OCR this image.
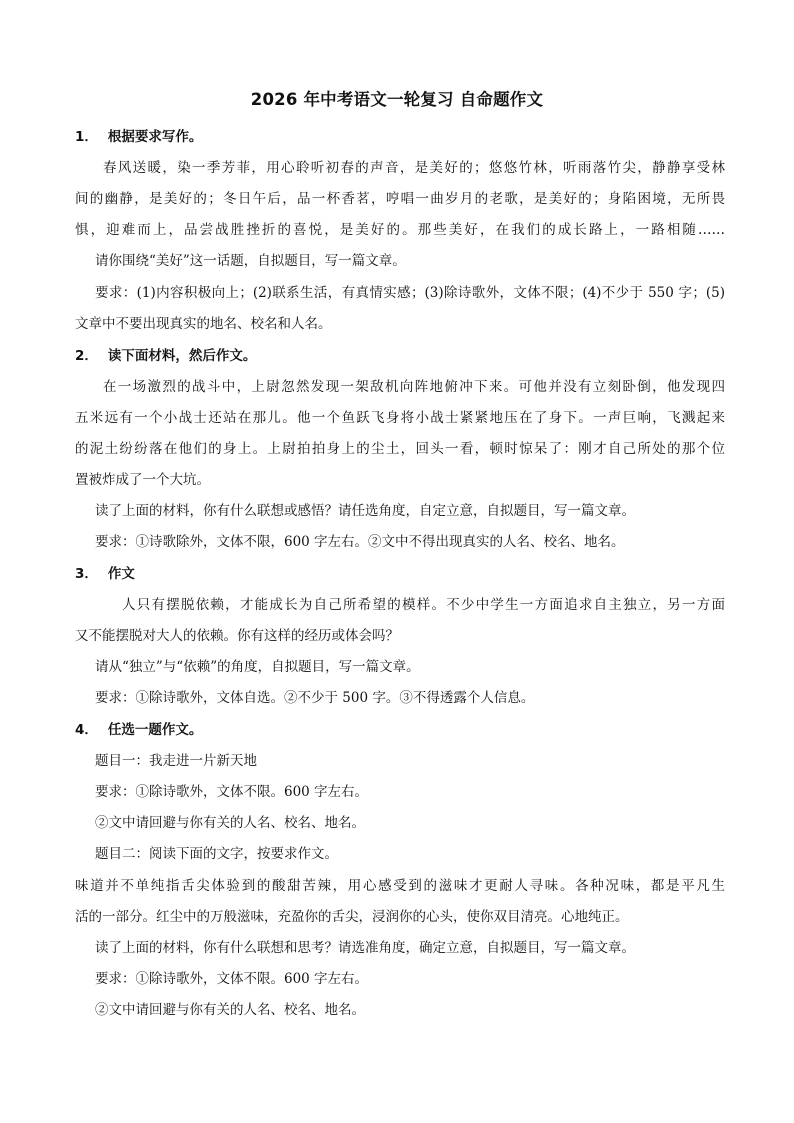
2026 年中考语文一轮复习 自命题作文
1． 根据要求写作。
春风送暖，染一季芳菲，用心聆听初春的声音，是美好的；悠悠竹林，听雨落竹尖，静静享受林
间的幽静，是美好的；冬日午后，品一杯香茗，哼唱一曲岁月的老歌，是美好的；身陷困境，无所畏
惧，迎难而上，品尝战胜挫折的喜悦，是美好的。那些美好，在我们的成长路上，一路相随……
请你围绕“美好”这一话题，自拟题目，写一篇文章。
要求：(1)内容积极向上；(2)联系生活，有真情实感；(3)除诗歌外，文体不限；(4)不少于 550 字；(5)
文章中不要出现真实的地名、校名和人名。
2． 读下面材料，然后作文。
在一场激烈的战斗中，上尉忽然发现一架敌机向阵地俯冲下来。可他并没有立刻卧倒，他发现四
五米远有一个小战士还站在那儿。他一个鱼跃飞身将小战士紧紧地压在了身下。一声巨响，飞溅起来
的泥土纷纷落在他们的身上。上尉拍拍身上的尘土，回头一看，顿时惊呆了：刚才自己所处的那个位
置被炸成了一个大坑。
读了上面的材料，你有什么联想或感悟？请任选角度，自定立意，自拟题目，写一篇文章。
要求：①诗歌除外，文体不限，600 字左右。②文中不得出现真实的人名、校名、地名。
3． 作文
人只有摆脱依赖，才能成长为自己所希望的模样。不少中学生一方面追求自主独立，另一方面
又不能摆脱对大人的依赖。你有这样的经历或体会吗？
请从“独立”与“依赖”的角度，自拟题目，写一篇文章。
要求：①除诗歌外，文体自选。②不少于 500 字。③不得透露个人信息。
4． 任选一题作文。
题目一：我走进一片新天地
要求：①除诗歌外，文体不限。600 字左右。
②文中请回避与你有关的人名、校名、地名。
题目二：阅读下面的文字，按要求作文。
味道并不单纯指舌尖体验到的酸甜苦辣，用心感受到的滋味才更耐人寻味。各种况味，都是平凡生
活的一部分。红尘中的万般滋味，充盈你的舌尖，浸润你的心头，使你双目清亮。心地纯正。
读了上面的材料，你有什么联想和思考？请选准角度，确定立意，自拟题目，写一篇文章。
要求：①除诗歌外，文体不限。600 字左右。
②文中请回避与你有关的人名、校名、地名。
